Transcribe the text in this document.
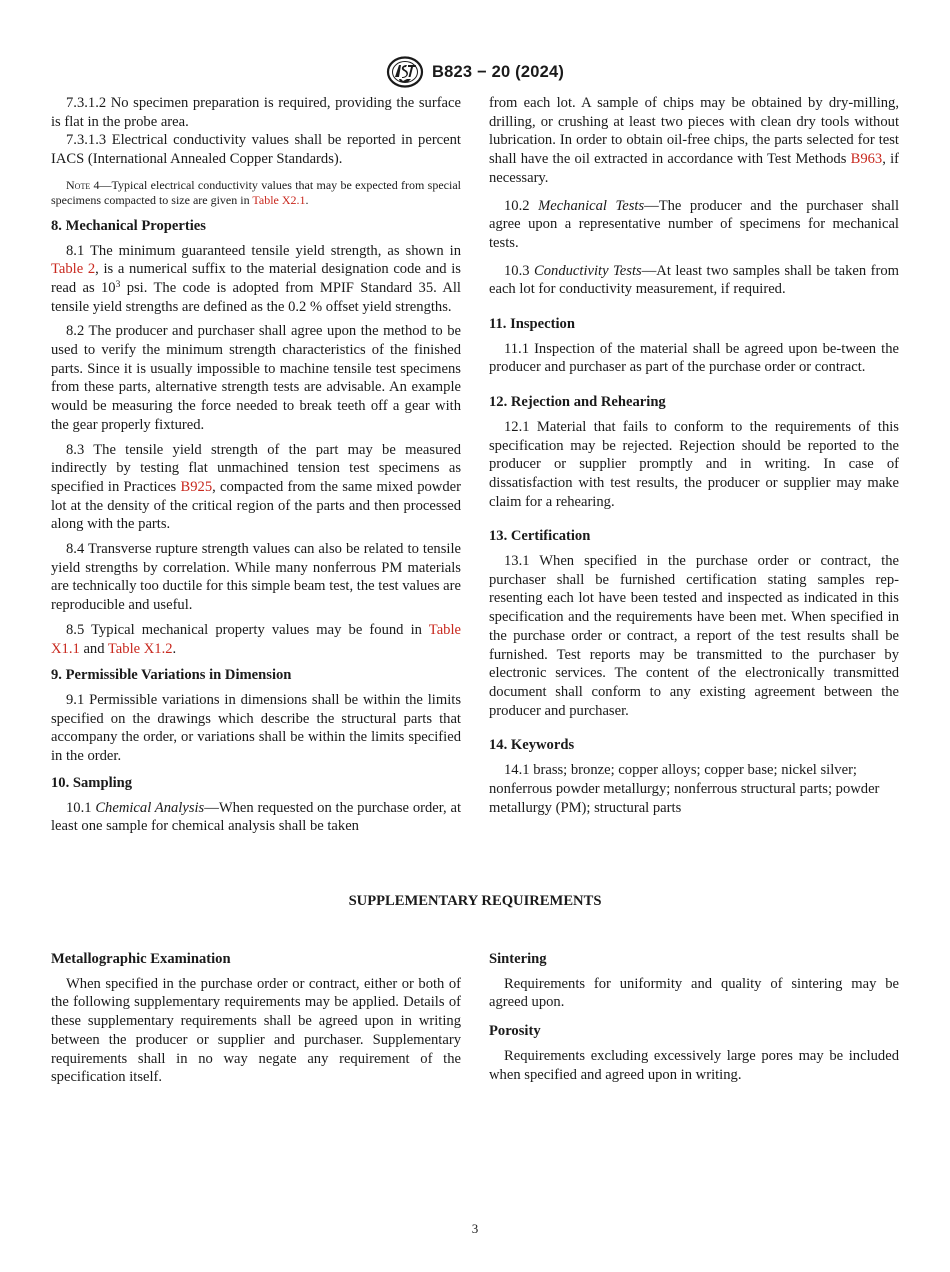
B823 − 20 (2024)

7.3.1.2 No specimen preparation is required, providing the surface is flat in the probe area.

7.3.1.3 Electrical conductivity values shall be reported in percent IACS (International Annealed Copper Standards).

Note 4—Typical electrical conductivity values that may be expected from special specimens compacted to size are given in Table X2.1.

8. Mechanical Properties

8.1 The minimum guaranteed tensile yield strength, as shown in Table 2, is a numerical suffix to the material designation code and is read as $10^3$ psi. The code is adopted from MPIF Standard 35. All tensile yield strengths are defined as the 0.2 % offset yield strengths.

8.2 The producer and purchaser shall agree upon the method to be used to verify the minimum strength characteristics of the finished parts. Since it is usually impossible to machine tensile test specimens from these parts, alternative strength tests are advisable. An example would be measuring the force needed to break teeth off a gear with the gear properly fixtured.

8.3 The tensile yield strength of the part may be measured indirectly by testing flat unmachined tension test specimens as specified in Practices B925, compacted from the same mixed powder lot at the density of the critical region of the parts and then processed along with the parts.

8.4 Transverse rupture strength values can also be related to tensile yield strengths by correlation. While many nonferrous PM materials are technically too ductile for this simple beam test, the test values are reproducible and useful.

8.5 Typical mechanical property values may be found in Table X1.1 and Table X1.2.

9. Permissible Variations in Dimension

9.1 Permissible variations in dimensions shall be within the limits specified on the drawings which describe the structural parts that accompany the order, or variations shall be within the limits specified in the order.

10. Sampling

10.1 Chemical Analysis—When requested on the purchase order, at least one sample for chemical analysis shall be taken

from each lot. A sample of chips may be obtained by dry-milling, drilling, or crushing at least two pieces with clean dry tools without lubrication. In order to obtain oil-free chips, the parts selected for test shall have the oil extracted in accordance with Test Methods B963, if necessary.

10.2 Mechanical Tests—The producer and the purchaser shall agree upon a representative number of specimens for mechanical tests.

10.3 Conductivity Tests—At least two samples shall be taken from each lot for conductivity measurement, if required.

11. Inspection

11.1 Inspection of the material shall be agreed upon be-tween the producer and purchaser as part of the purchase order or contract.

12. Rejection and Rehearing

12.1 Material that fails to conform to the requirements of this specification may be rejected. Rejection should be reported to the producer or supplier promptly and in writing. In case of dissatisfaction with test results, the producer or supplier may make claim for a rehearing.

13. Certification

13.1 When specified in the purchase order or contract, the purchaser shall be furnished certification stating samples rep-resenting each lot have been tested and inspected as indicated in this specification and the requirements have been met. When specified in the purchase order or contract, a report of the test results shall be furnished. Test reports may be transmitted to the purchaser by electronic services. The content of the electronically transmitted document shall conform to any existing agreement between the producer and purchaser.

14. Keywords

14.1 brass; bronze; copper alloys; copper base; nickel silver; nonferrous powder metallurgy; nonferrous structural parts; powder metallurgy (PM); structural parts

SUPPLEMENTARY REQUIREMENTS
Metallographic Examination

When specified in the purchase order or contract, either or both of the following supplementary requirements may be applied. Details of these supplementary requirements shall be agreed upon in writing between the producer or supplier and purchaser. Supplementary requirements shall in no way negate any requirement of the specification itself.

Sintering

Requirements for uniformity and quality of sintering may be agreed upon.

Porosity

Requirements excluding excessively large pores may be included when specified and agreed upon in writing.

3
